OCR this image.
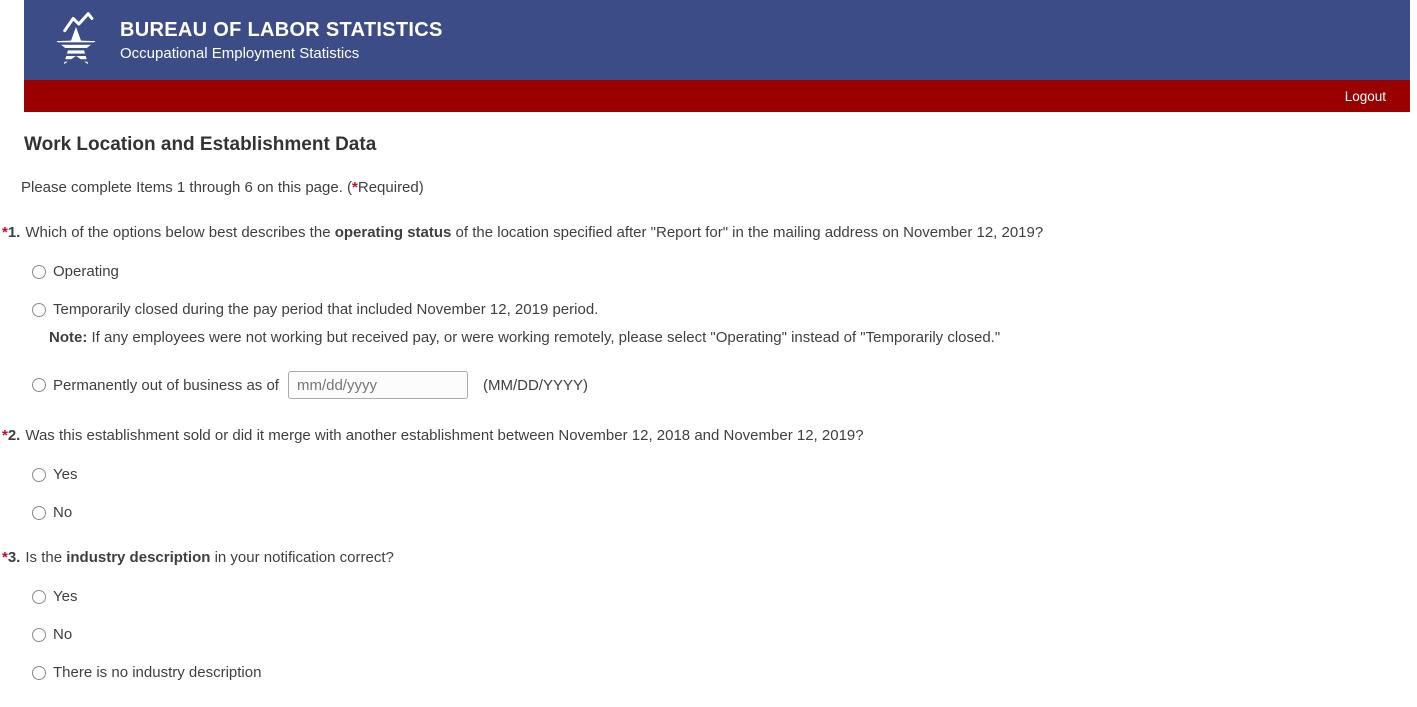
BUREAU OF LABOR STATISTICS
Occupational Employment Statistics
Logout
Work Location and Establishment Data

Please complete Items 1 through 6 on this page. (*Required)

*1. Which of the options below best describes the operating status of the location specified after "Report for" in the mailing address on November 12, 2019?
Operating
Temporarily closed during the pay period that included November 12, 2019 period.
Note: If any employees were not working but received pay, or were working remotely, please select "Operating" instead of "Temporarily closed."
Permanently out of business as of
mm/dd/yyyy	(MM/DD/YYYY)
*2. Was this establishment sold or did it merge with another establishment between November 12, 2018 and November 12, 2019?
Yes
No
*3. Is the industry description in your notification correct?
Yes
No
There is no industry description
